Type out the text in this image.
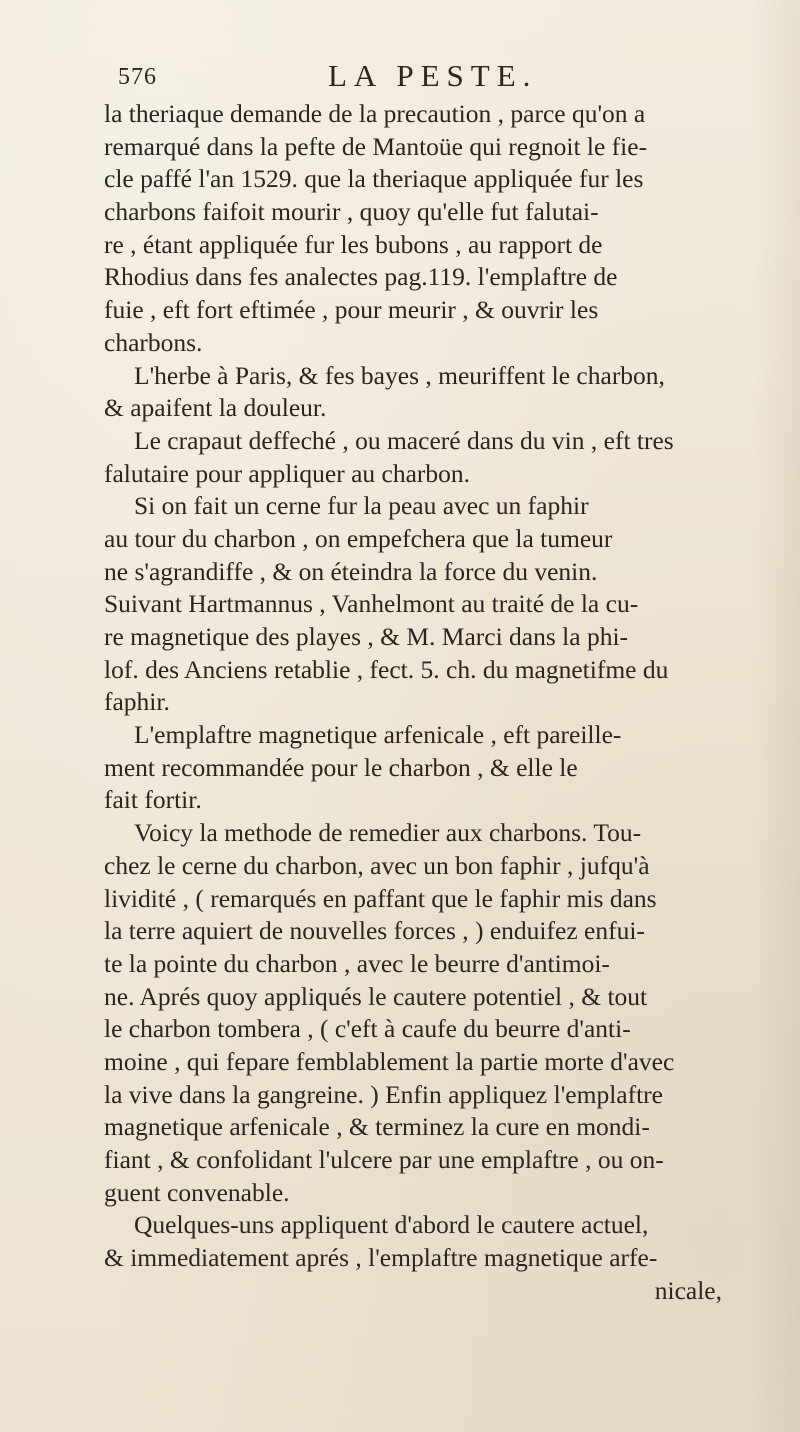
576	LA PESTE.
la theriaque demande de la precaution , parce qu'on a
remarqué dans la pefte de Mantoüe qui regnoit le fie-
cle paffé l'an 1529. que la theriaque appliquée fur les
charbons faifoit mourir , quoy qu'elle fut falutai-
re , étant appliquée fur les bubons , au rapport de
Rhodius dans fes analectes pag.119. l'emplaftre de
fuie , eft fort eftimée , pour meurir , & ouvrir les
charbons.
L'herbe à Paris, & fes bayes , meuriffent le charbon,
& apaifent la douleur.
Le crapaut deffeché , ou maceré dans du vin , eft tres
falutaire pour appliquer au charbon.
Si on fait un cerne fur la peau avec un faphir
au tour du charbon , on empefchera que la tumeur
ne s'agrandiffe , & on éteindra la force du venin.
Suivant Hartmannus , Vanhelmont au traité de la cu-
re magnetique des playes , & M. Marci dans la phi-
lof. des Anciens retablie , fect. 5. ch. du magnetifme du
faphir.
L'emplaftre magnetique arfenicale , eft pareille-
ment recommandée pour le charbon , & elle le
fait fortir.
Voicy la methode de remedier aux charbons. Tou-
chez le cerne du charbon, avec un bon faphir , jufqu'à
lividité , ( remarqués en paffant que le faphir mis dans
la terre aquiert de nouvelles forces , ) enduifez enfui-
te la pointe du charbon , avec le beurre d'antimoi-
ne. Aprés quoy appliqués le cautere potentiel , & tout
le charbon tombera , ( c'eft à caufe du beurre d'anti-
moine , qui fepare femblablement la partie morte d'avec
la vive dans la gangreine. ) Enfin appliquez l'emplaftre
magnetique arfenicale , & terminez la cure en mondi-
fiant , & confolidant l'ulcere par une emplaftre , ou on-
guent convenable.
Quelques-uns appliquent d'abord le cautere actuel,
& immediatement aprés , l'emplaftre magnetique arfe-
nicale,
